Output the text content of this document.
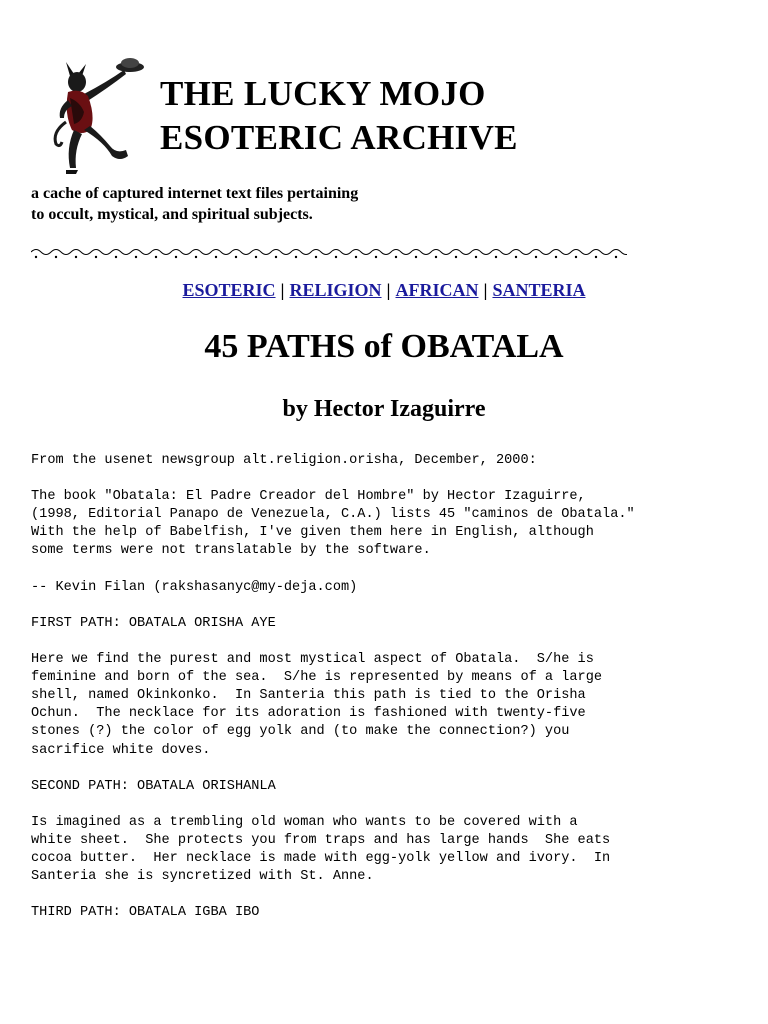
THE LUCKY MOJO
ESOTERIC ARCHIVE
a cache of captured internet text files pertaining
to occult, mystical, and spiritual subjects.
ESOTERIC | RELIGION | AFRICAN | SANTERIA
45 PATHS of OBATALA
by Hector Izaguirre
From the usenet newsgroup alt.religion.orisha, December, 2000:

The book "Obatala: El Padre Creador del Hombre" by Hector Izaguirre,
(1998, Editorial Panapo de Venezuela, C.A.) lists 45 "caminos de Obatala."
With the help of Babelfish, I've given them here in English, although
some terms were not translatable by the software.

-- Kevin Filan (rakshasanyc@my-deja.com)

FIRST PATH: OBATALA ORISHA AYE

Here we find the purest and most mystical aspect of Obatala.  S/he is
feminine and born of the sea.  S/he is represented by means of a large
shell, named Okinkonko.  In Santeria this path is tied to the Orisha
Ochun.  The necklace for its adoration is fashioned with twenty-five
stones (?) the color of egg yolk and (to make the connection?) you
sacrifice white doves.

SECOND PATH: OBATALA ORISHANLA

Is imagined as a trembling old woman who wants to be covered with a
white sheet.  She protects you from traps and has large hands  She eats
cocoa butter.  Her necklace is made with egg-yolk yellow and ivory.  In
Santeria she is syncretized with St. Anne.

THIRD PATH: OBATALA IGBA IBO
